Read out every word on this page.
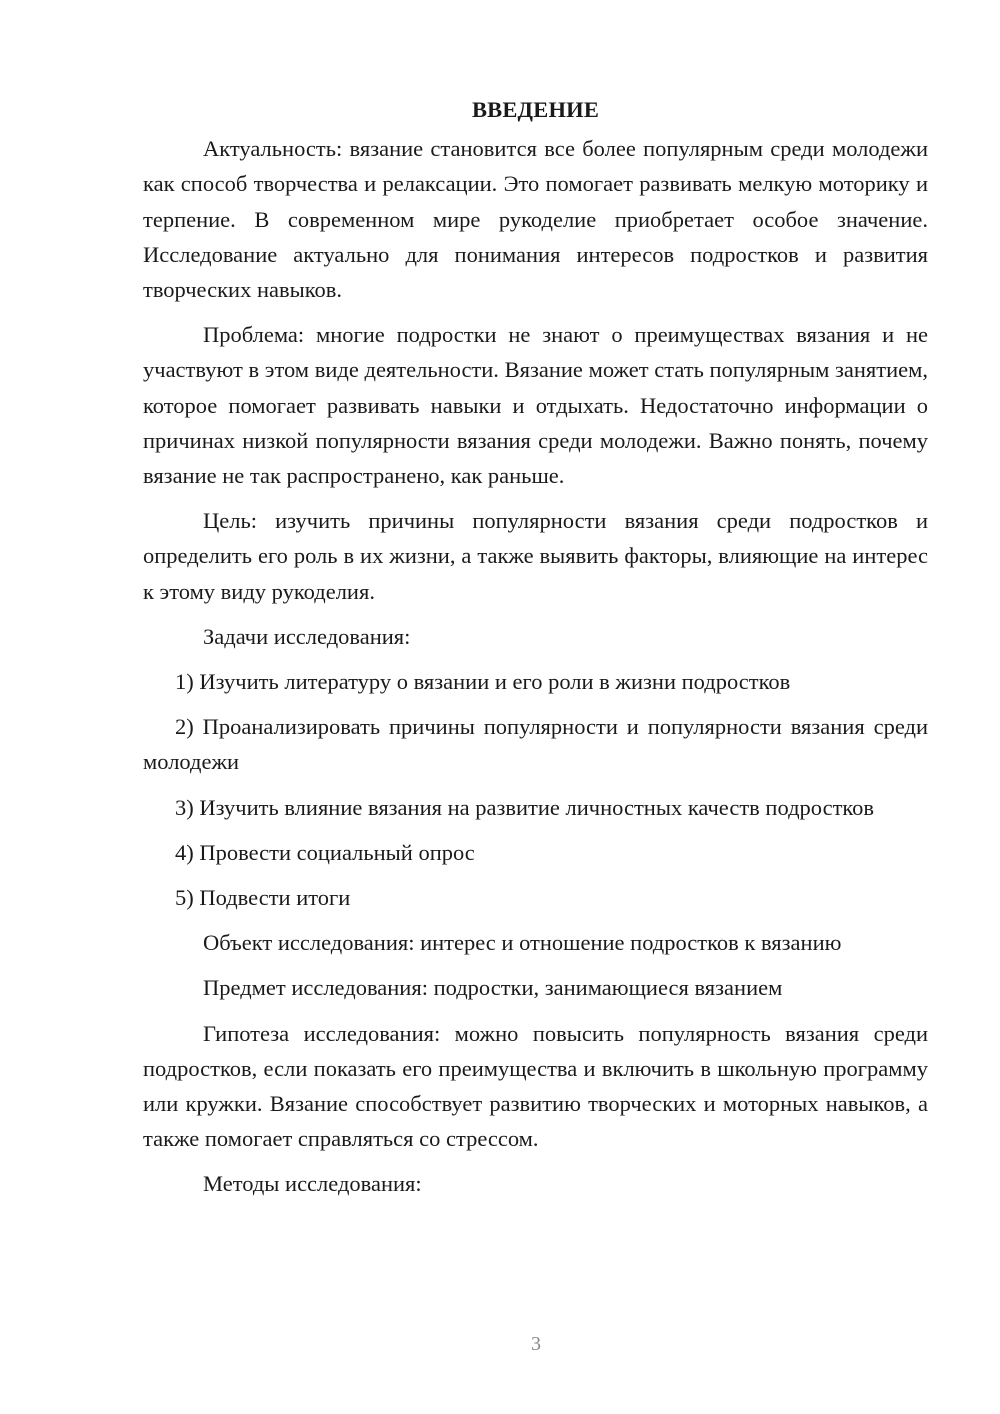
ВВЕДЕНИЕ

Актуальность: вязание становится все более популярным среди молодежи как способ творчества и релаксации. Это помогает развивать мелкую моторику и терпение. В современном мире рукоделие приобретает особое значение. Исследование актуально для понимания интересов подростков и развития творческих навыков.

Проблема: многие подростки не знают о преимуществах вязания и не участвуют в этом виде деятельности. Вязание может стать популярным занятием, которое помогает развивать навыки и отдыхать. Недостаточно информации о причинах низкой популярности вязания среди молодежи. Важно понять, почему вязание не так распространено, как раньше.

Цель: изучить причины популярности вязания среди подростков и определить его роль в их жизни, а также выявить факторы, влияющие на интерес к этому виду рукоделия.

Задачи исследования:

1) Изучить литературу о вязании и его роли в жизни подростков

2) Проанализировать причины популярности и популярности вязания среди молодежи

3) Изучить влияние вязания на развитие личностных качеств подростков

4) Провести социальный опрос

5) Подвести итоги

Объект исследования: интерес и отношение подростков к вязанию

Предмет исследования: подростки, занимающиеся вязанием

Гипотеза исследования: можно повысить популярность вязания среди подростков, если показать его преимущества и включить в школьную программу или кружки. Вязание способствует развитию творческих и моторных навыков, а также помогает справляться со стрессом.

Методы исследования:

3
